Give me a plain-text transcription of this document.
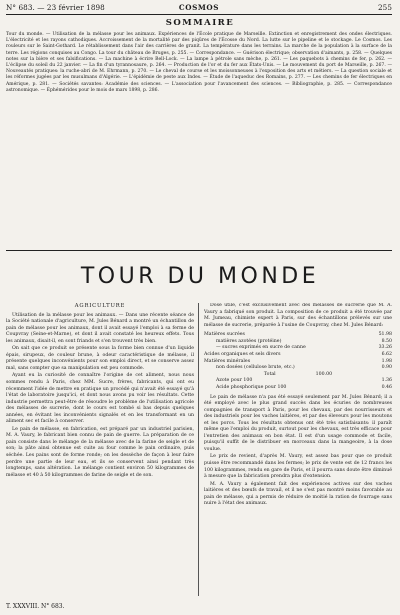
N° 683. — 23 février 1898	COSMOS	255
SOMMAIRE
Tour du monde. — Utilisation de la mélasse pour les animaux. Expériences de l'École pratique de Marseille. Extinction et enregistrement des ondes électriques. L'électricité et les rayons cathodiques. Accroissement de la mortalité par des piqûres de l'Écosse du Nord. La lutte sur le pipeline et le stockage. Le Cosmos. Les rouleurs sur le Saint-Gothard. Le rétablissement dans l'air des carrières de granit. La température dans les terrains. La marche de la population à la surface de la terre. Les régions conquises au Congo. La tour du château de Bruges, p. 255. — Correspondance. — Guérison électrique; observation d'aimants, p. 258. — Quelques notes sur la bière et ses falsifications. — La machine à écrire Bell-Lock. — La lampe à pétrole sans mèche, p. 261. — Les paquebots à chemins de fer, p. 262. — L'éclipse du soleil du 22 janvier. — La fin d'un tyrannosaure, p. 264. — Production de l'or et du fer aux États-Unis. — Le mouvement du port de Marseille, p. 267. — Nouveautés pratiques: la ruche-abri de M. Ehrmann, p. 270. — Le cheval de course et les moissonneuses à l'exposition des arts et métiers. — La question sociale et les réformes jugées par les musulmans d'Algérie. — L'épidémie de peste aux Indes. — Étude de l'aqueduc des Romains, p. 277. — Les chemins de fer électriques en Amérique, p. 281. — Sociétés savantes: Académie des sciences. — L'association pour l'avancement des sciences. — Bibliographie, p. 285. — Correspondance astronomique. — Éphémérides pour le mois de mars 1898, p. 286.
TOUR DU MONDE
AGRICULTURE

Utilisation de la mélasse pour les animaux. — Dans une récente séance de la Société nationale d'agriculture, M. Jules Bénard a montré un échantillon de pain de mélasse pour les animaux, dont il avait essayé l'emploi à sa ferme de Coupvray (Seine-et-Marne), et dont il avait constaté les heureux effets. Tous les animaux, disait-il, en sont friands et s'en trouvent très bien.

On sait que ce produit se présente sous la forme bien connue d'un liquide épais, sirupeux, de couleur brune, à odeur caractéristique de mélasse, il présente quelques inconvénients pour son emploi direct, et se conserve assez mal, sans compter que sa manipulation est peu commode.

Ayant eu la curiosité de connaître l'origine de cet aliment, nous nous sommes rendu à Paris, chez MM. Sucre, frères, fabricants, qui ont eu récemment l'idée de mettre en pratique un procédé qui n'avait été essayé qu'à l'état de laboratoire jusqu'ici, et dont nous avons pu voir les résultats. Cette industrie permettra peut-être de résoudre le problème de l'utilisation agricole des mélasses de sucrerie, dont le cours est tombé si bas depuis quelques années, en évitant les inconvénients signalés et en les transformant en un aliment sec et facile à conserver.

Le pain de mélasse, en fabrication, est préparé par un industriel parisien, M. A. Vaury, le fabricant bien connu de pain de guerre. La préparation de ce pain consiste dans le mélange de la mélasse avec de la farine de seigle et de son; la pâte ainsi obtenue est cuite au four comme le pain ordinaire, puis séchée. Les pains sont de forme ronde; on les dessèche de façon à leur faire perdre une partie de leur eau, et ils se conservent ainsi pendant très longtemps, sans altération. Le mélange contient environ 50 kilogrammes de mélasse et 40 à 50 kilogrammes de farine de seigle et de son.

Dose utile, c'est exclusivement avec des mélasses de sucrerie que M. A. Vaury a fabriqué son produit. La composition de ce produit a été trouvée par M. Jumeau, chimiste expert à Paris, sur des échantillons prélevés sur une mélasse de sucrerie, préparée à l'usine de Coupvray, chez M. Jules Bénard:

Matières sucrées	51.98
matières azotées (protéine)	8.50
— sucres exprimés en sucre de canne	33.26
Acides organiques et sels divers	6.62
Matières minérales	1.98
non dosées (cellulose brute, etc.)	0.90
Total	100.00
Azote pour 100	1.36
Acide phosphorique pour 100	0.46

Le pain de mélasse n'a pas été essayé seulement par M. Jules Bénard; il a été employé avec le plus grand succès dans les écuries de nombreuses compagnies de transport à Paris, pour les chevaux, par des nourrisseurs et des industriels pour les vaches laitières, et par des éleveurs pour les moutons et les porcs. Tous les résultats obtenus ont été très satisfaisants: il paraît même que l'emploi du produit, surtout pour les chevaux, est très efficace pour l'entretien des animaux en bon état. Il est d'un usage commode et facile, puisqu'il suffit de le distribuer en morceaux dans la mangeoire, à la dose voulue.

Le prix de revient, d'après M. Vaury, est assez bas pour que ce produit puisse être recommandé dans les fermes; le prix de vente est de 12 francs les 100 kilogrammes, rendu en gare de Paris, et il pourra sans doute être diminué à mesure que la fabrication prendra plus d'extension.

M. A. Vaury a également fait des expériences actives sur des vaches laitières et des bœufs de travail, et il ne s'est pas montré moins favorable au pain de mélasse, qui a permis de réduire de moitié la ration de fourrage sans nuire à l'état des animaux.

T. XXXVIII. N° 683.
